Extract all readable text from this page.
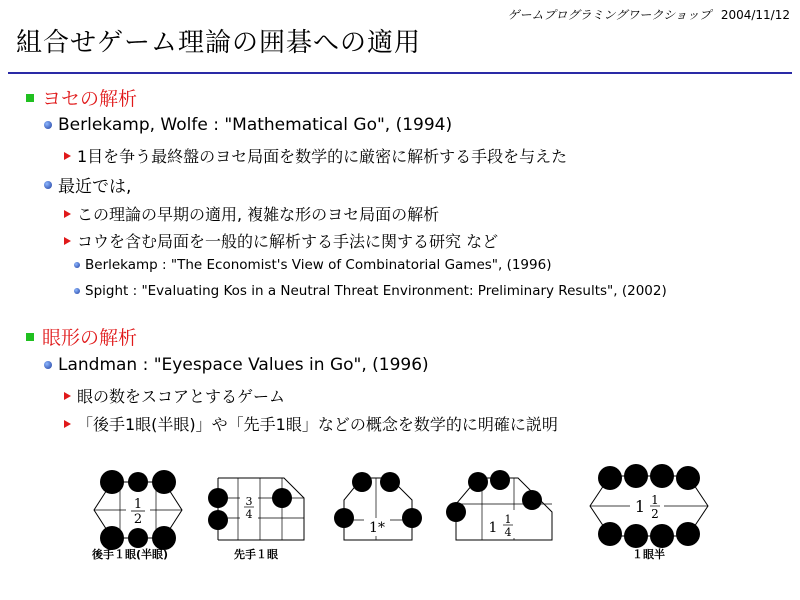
ゲームプログラミングワークショップ 2004/11/12
組合せゲーム理論の囲碁への適用
ヨセの解析
Berlekamp, Wolfe : "Mathematical Go", (1994)
1目を争う最終盤のヨセ局面を数学的に厳密に解析する手段を与えた
最近では,
この理論の早期の適用, 複雑な形のヨセ局面の解析
コウを含む局面を一般的に解析する手法に関する研究 など
Berlekamp : "The Economist's View of Combinatorial Games", (1996)
Spight : "Evaluating Kos in a Neutral Threat Environment: Preliminary Results", (2002)
眼形の解析
Landman : "Eyespace Values in Go", (1996)
眼の数をスコアとするゲーム
「後手1眼(半眼)」や「先手1眼」などの概念を数学的に明確に説明
1
2
後手１眼(半眼)
3
4
先手１眼
1*	1
1
4
1 1
2
１眼半
